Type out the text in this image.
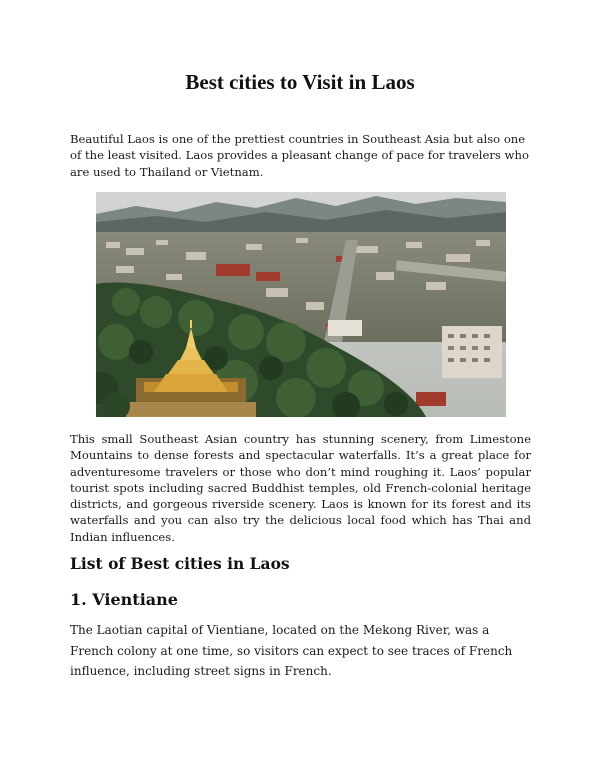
Best cities to Visit in Laos
Beautiful Laos is one of the prettiest countries in Southeast Asia but also one of the least visited. Laos provides a pleasant change of pace for travelers who are used to Thailand or Vietnam.
This small Southeast Asian country has stunning scenery, from Limestone Mountains to dense forests and spectacular waterfalls. It’s a great place for adventuresome travelers or those who don’t mind roughing it. Laos’ popular tourist spots including sacred Buddhist temples, old French-colonial heritage districts, and gorgeous riverside scenery. Laos is known for its forest and its waterfalls and you can also try the delicious local food which has Thai and Indian influences.
List of Best cities in Laos
1. Vientiane
The Laotian capital of Vientiane, located on the Mekong River, was a French colony at one time, so visitors can expect to see traces of French influence, including street signs in French.
